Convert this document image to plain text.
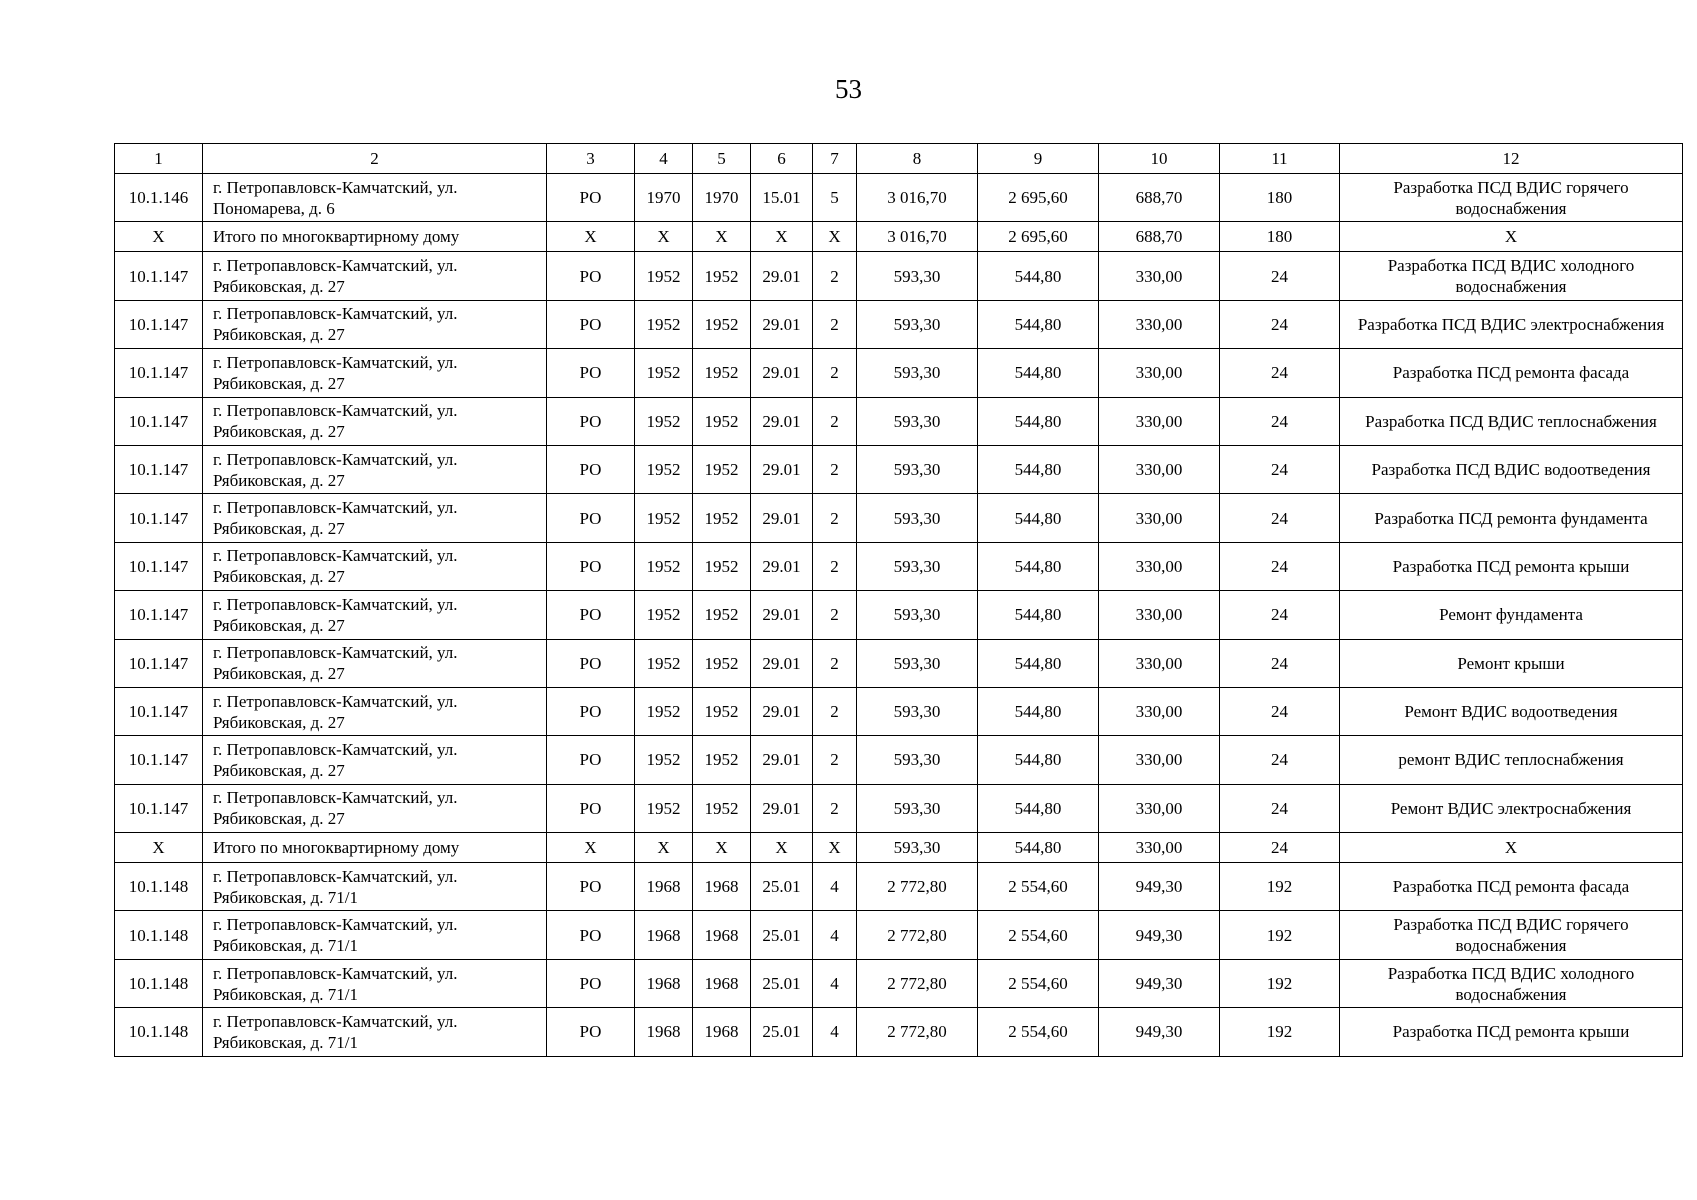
53
1	2	3	4	5	6	7	8	9	10	11	12
10.1.146	г. Петропавловск-Камчатский, ул. Пономарева, д. 6	РО	1970	1970	15.01	5	3 016,70	2 695,60	688,70	180	Разработка ПСД ВДИС горячего водоснабжения
Х	Итого по многоквартирному дому	Х	Х	Х	Х	Х	3 016,70	2 695,60	688,70	180	Х
10.1.147	г. Петропавловск-Камчатский, ул. Рябиковская, д. 27	РО	1952	1952	29.01	2	593,30	544,80	330,00	24	Разработка ПСД ВДИС холодного водоснабжения
10.1.147	г. Петропавловск-Камчатский, ул. Рябиковская, д. 27	РО	1952	1952	29.01	2	593,30	544,80	330,00	24	Разработка ПСД ВДИС электроснабжения
10.1.147	г. Петропавловск-Камчатский, ул. Рябиковская, д. 27	РО	1952	1952	29.01	2	593,30	544,80	330,00	24	Разработка ПСД ремонта фасада
10.1.147	г. Петропавловск-Камчатский, ул. Рябиковская, д. 27	РО	1952	1952	29.01	2	593,30	544,80	330,00	24	Разработка ПСД ВДИС теплоснабжения
10.1.147	г. Петропавловск-Камчатский, ул. Рябиковская, д. 27	РО	1952	1952	29.01	2	593,30	544,80	330,00	24	Разработка ПСД ВДИС водоотведения
10.1.147	г. Петропавловск-Камчатский, ул. Рябиковская, д. 27	РО	1952	1952	29.01	2	593,30	544,80	330,00	24	Разработка ПСД ремонта фундамента
10.1.147	г. Петропавловск-Камчатский, ул. Рябиковская, д. 27	РО	1952	1952	29.01	2	593,30	544,80	330,00	24	Разработка ПСД ремонта крыши
10.1.147	г. Петропавловск-Камчатский, ул. Рябиковская, д. 27	РО	1952	1952	29.01	2	593,30	544,80	330,00	24	Ремонт фундамента
10.1.147	г. Петропавловск-Камчатский, ул. Рябиковская, д. 27	РО	1952	1952	29.01	2	593,30	544,80	330,00	24	Ремонт крыши
10.1.147	г. Петропавловск-Камчатский, ул. Рябиковская, д. 27	РО	1952	1952	29.01	2	593,30	544,80	330,00	24	Ремонт ВДИС водоотведения
10.1.147	г. Петропавловск-Камчатский, ул. Рябиковская, д. 27	РО	1952	1952	29.01	2	593,30	544,80	330,00	24	ремонт ВДИС теплоснабжения
10.1.147	г. Петропавловск-Камчатский, ул. Рябиковская, д. 27	РО	1952	1952	29.01	2	593,30	544,80	330,00	24	Ремонт ВДИС электроснабжения
Х	Итого по многоквартирному дому	Х	Х	Х	Х	Х	593,30	544,80	330,00	24	Х
10.1.148	г. Петропавловск-Камчатский, ул. Рябиковская, д. 71/1	РО	1968	1968	25.01	4	2 772,80	2 554,60	949,30	192	Разработка ПСД ремонта фасада
10.1.148	г. Петропавловск-Камчатский, ул. Рябиковская, д. 71/1	РО	1968	1968	25.01	4	2 772,80	2 554,60	949,30	192	Разработка ПСД ВДИС горячего водоснабжения
10.1.148	г. Петропавловск-Камчатский, ул. Рябиковская, д. 71/1	РО	1968	1968	25.01	4	2 772,80	2 554,60	949,30	192	Разработка ПСД ВДИС холодного водоснабжения
10.1.148	г. Петропавловск-Камчатский, ул. Рябиковская, д. 71/1	РО	1968	1968	25.01	4	2 772,80	2 554,60	949,30	192	Разработка ПСД ремонта крыши
